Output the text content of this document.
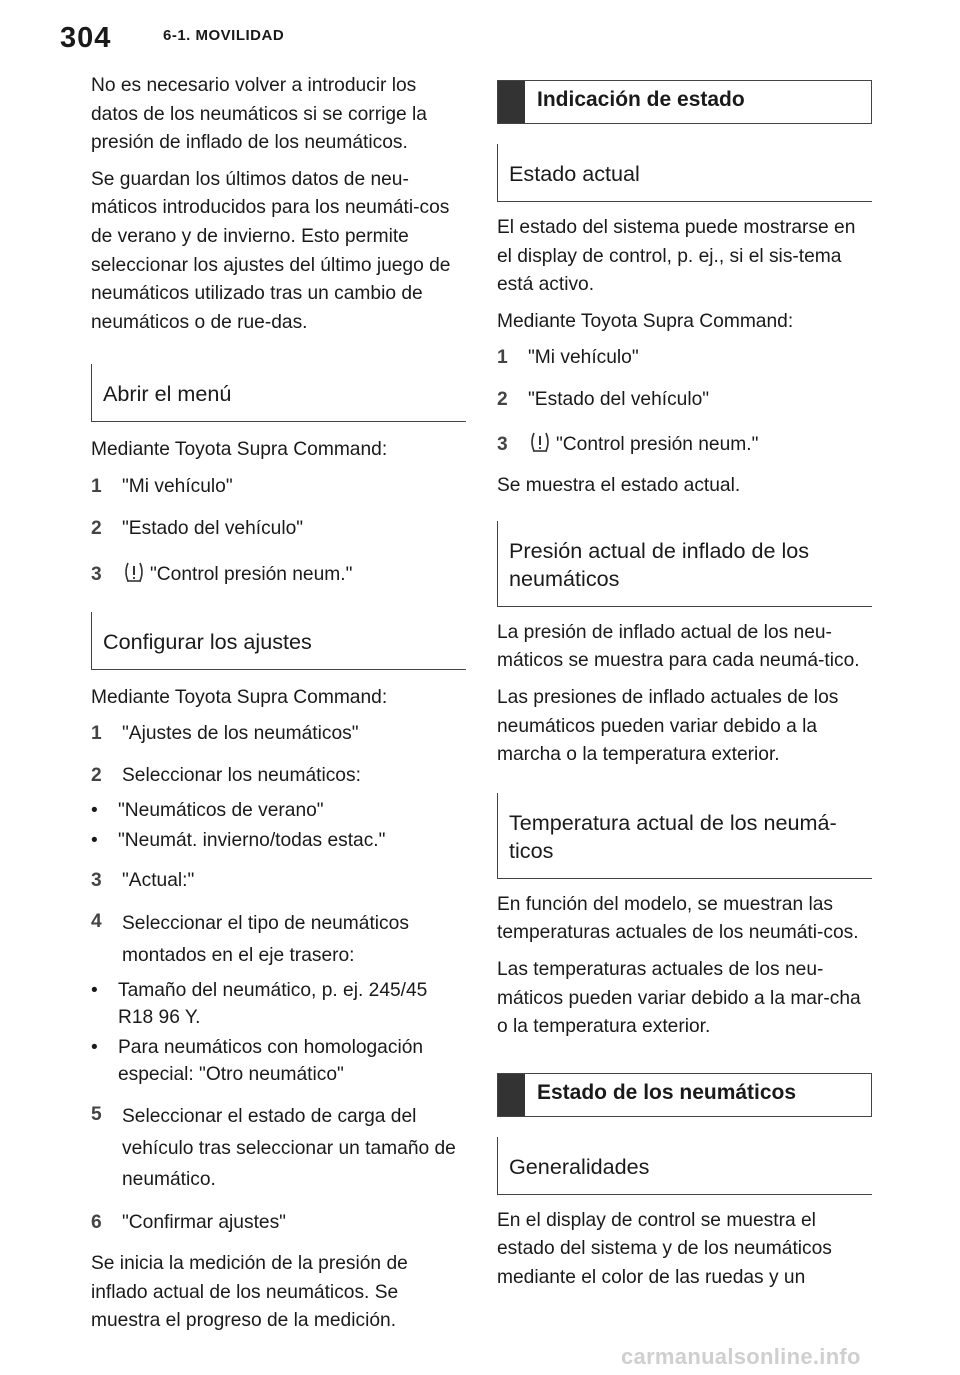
304	6-1. MOVILIDAD

No es necesario volver a introducir los datos de los neumáticos si se corrige la presión de inflado de los neumáticos.

Se guardan los últimos datos de neu-máticos introducidos para los neumáti-cos de verano y de invierno. Esto permite seleccionar los ajustes del último juego de neumáticos utilizado tras un cambio de neumáticos o de rue-das.

Abrir el menú

Mediante Toyota Supra Command:

1	"Mi vehículo"
2	"Estado del vehículo"
3	"Control presión neum."
Configurar los ajustes

Mediante Toyota Supra Command:

1	"Ajustes de los neumáticos"
2	Seleccionar los neumáticos:
•	"Neumáticos de verano"
•	"Neumát. invierno/todas estac."
3	"Actual:"
4	Seleccionar el tipo de neumáticos montados en el eje trasero:
•	Tamaño del neumático, p. ej. 245/45 R18 96 Y.
•	Para neumáticos con homologación especial: "Otro neumático"
5	Seleccionar el estado de carga del vehículo tras seleccionar un tamaño de neumático.
6	"Confirmar ajustes"

Se inicia la medición de la presión de inflado actual de los neumáticos. Se muestra el progreso de la medición.

Indicación de estado
Estado actual

El estado del sistema puede mostrarse en el display de control, p. ej., si el sis-tema está activo.

Mediante Toyota Supra Command:

1	"Mi vehículo"
2	"Estado del vehículo"
3	"Control presión neum."

Se muestra el estado actual.

Presión actual de inflado de los neumáticos

La presión de inflado actual de los neu-máticos se muestra para cada neumá-tico.

Las presiones de inflado actuales de los neumáticos pueden variar debido a la marcha o la temperatura exterior.

Temperatura actual de los neumá-ticos

En función del modelo, se muestran las temperaturas actuales de los neumáti-cos.

Las temperaturas actuales de los neu-máticos pueden variar debido a la mar-cha o la temperatura exterior.

Estado de los neumáticos
Generalidades

En el display de control se muestra el estado del sistema y de los neumáticos mediante el color de las ruedas y un

carmanualsonline.info
